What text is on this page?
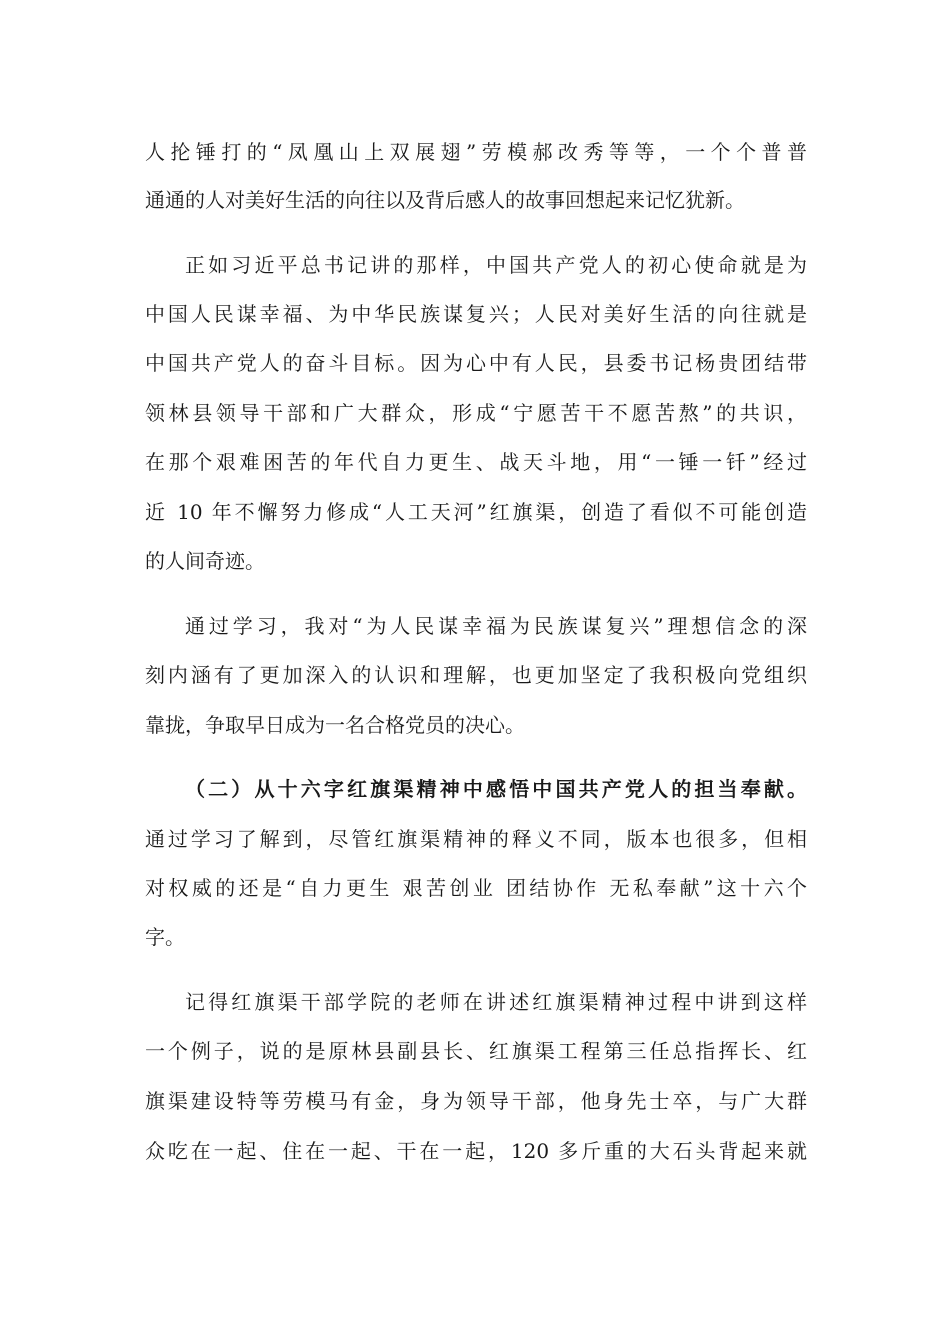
人抡锤打的“凤凰山上双展翅”劳模郝改秀等等，一个个普普
通通的人对美好生活的向往以及背后感人的故事回想起来记忆犹新。
正如习近平总书记讲的那样，中国共产党人的初心使命就是为
中国人民谋幸福、为中华民族谋复兴；人民对美好生活的向往就是
中国共产党人的奋斗目标。因为心中有人民，县委书记杨贵团结带
领林县领导干部和广大群众，形成“宁愿苦干不愿苦熬”的共识，
在那个艰难困苦的年代自力更生、战天斗地，用“一锤一钎”经过
近 10 年不懈努力修成“人工天河”红旗渠，创造了看似不可能创造
的人间奇迹。
通过学习，我对“为人民谋幸福为民族谋复兴”理想信念的深
刻内涵有了更加深入的认识和理解，也更加坚定了我积极向党组织
靠拢，争取早日成为一名合格党员的决心。
（二）从十六字红旗渠精神中感悟中国共产党人的担当奉献。
通过学习了解到，尽管红旗渠精神的释义不同，版本也很多，但相
对权威的还是“自力更生 艰苦创业 团结协作 无私奉献”这十六个
字。
记得红旗渠干部学院的老师在讲述红旗渠精神过程中讲到这样
一个例子，说的是原林县副县长、红旗渠工程第三任总指挥长、红
旗渠建设特等劳模马有金，身为领导干部，他身先士卒，与广大群
众吃在一起、住在一起、干在一起，120 多斤重的大石头背起来就
